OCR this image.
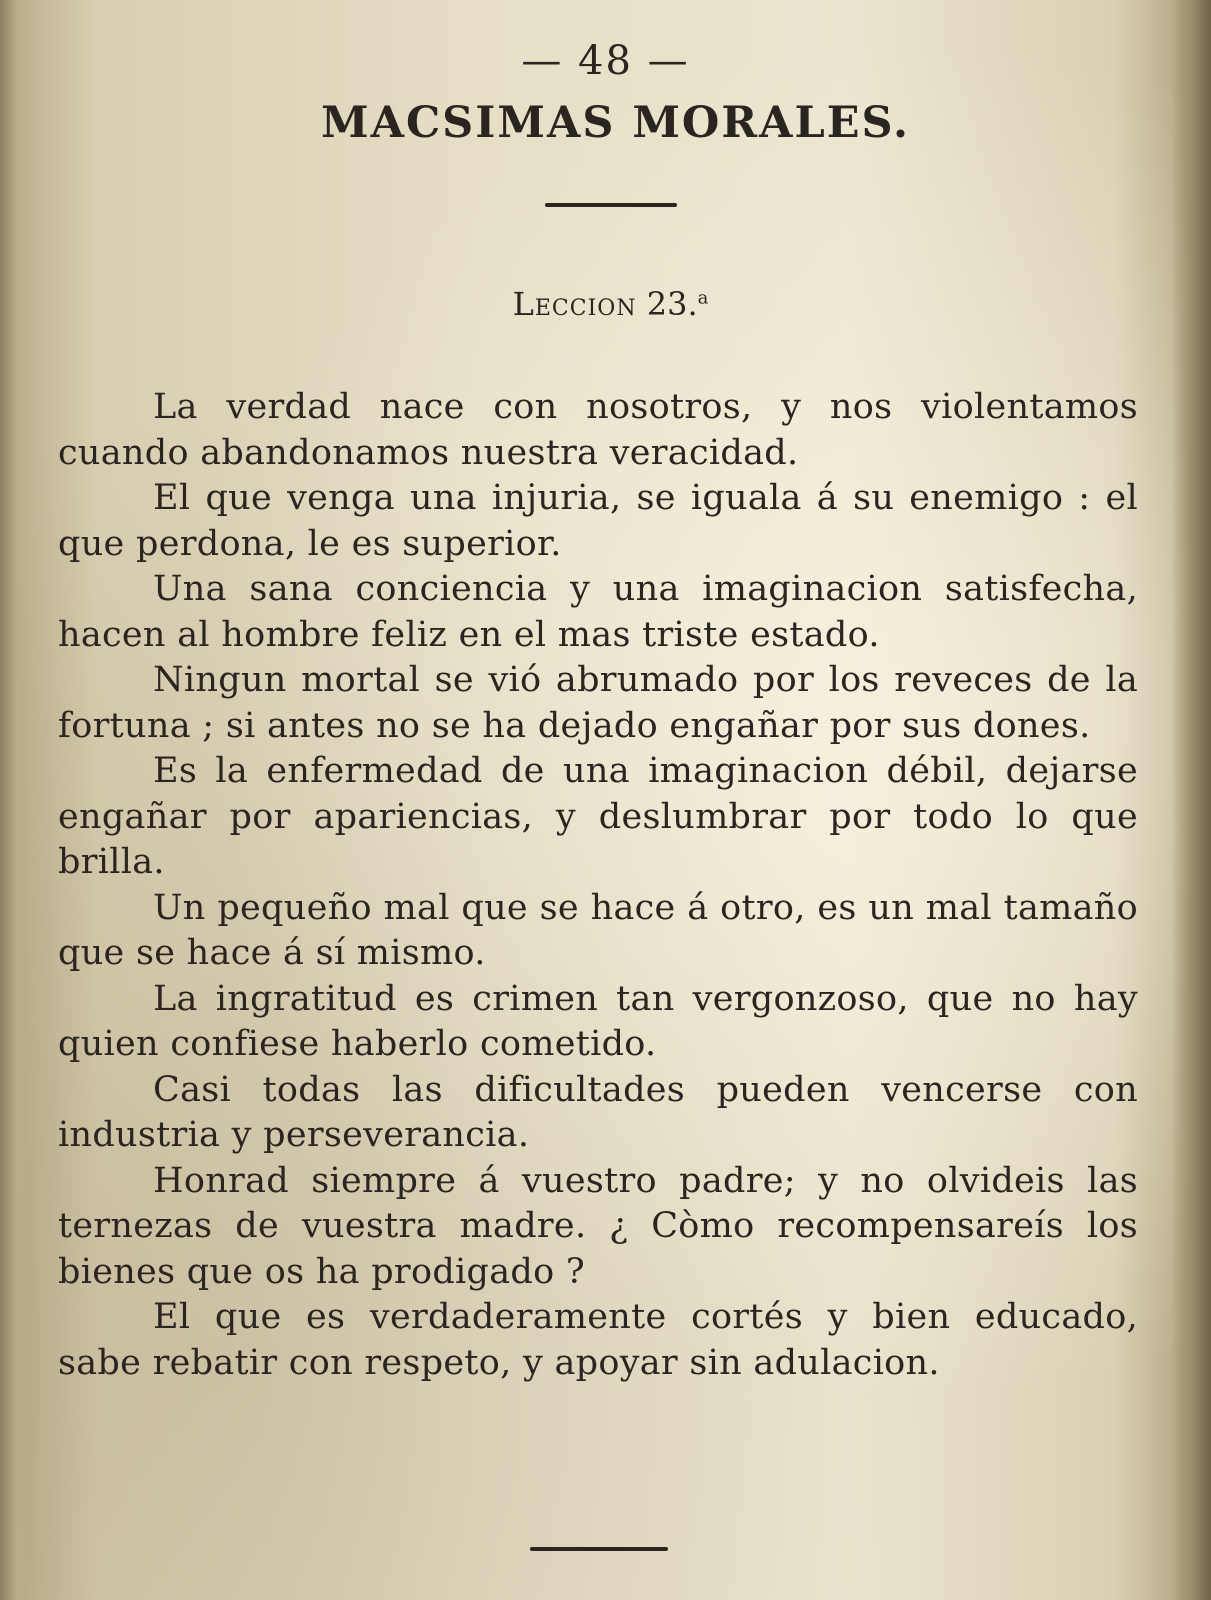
— 48 —
MACSIMAS MORALES.
Leccion 23.$^a$

La verdad nace con nosotros, y nos violentamos cuando abandonamos nuestra veracidad.

El que venga una injuria, se iguala á su enemigo : el que perdona, le es superior.

Una sana conciencia y una imaginacion satisfecha, hacen al hombre feliz en el mas triste estado.

Ningun mortal se vió abrumado por los reveces de la fortuna ; si antes no se ha dejado engañar por sus dones.

Es la enfermedad de una imaginacion débil, dejarse engañar por apariencias, y deslumbrar por todo lo que brilla.

Un pequeño mal que se hace á otro, es un mal tamaño que se hace á sí mismo.

La ingratitud es crimen tan vergonzoso, que no hay quien confiese haberlo cometido.

Casi todas las dificultades pueden vencerse con industria y perseverancia.

Honrad siempre á vuestro padre; y no olvideis las ternezas de vuestra madre. ¿ Còmo recompensareís los bienes que os ha prodigado ?

El que es verdaderamente cortés y bien educado, sabe rebatir con respeto, y apoyar sin adulacion.
